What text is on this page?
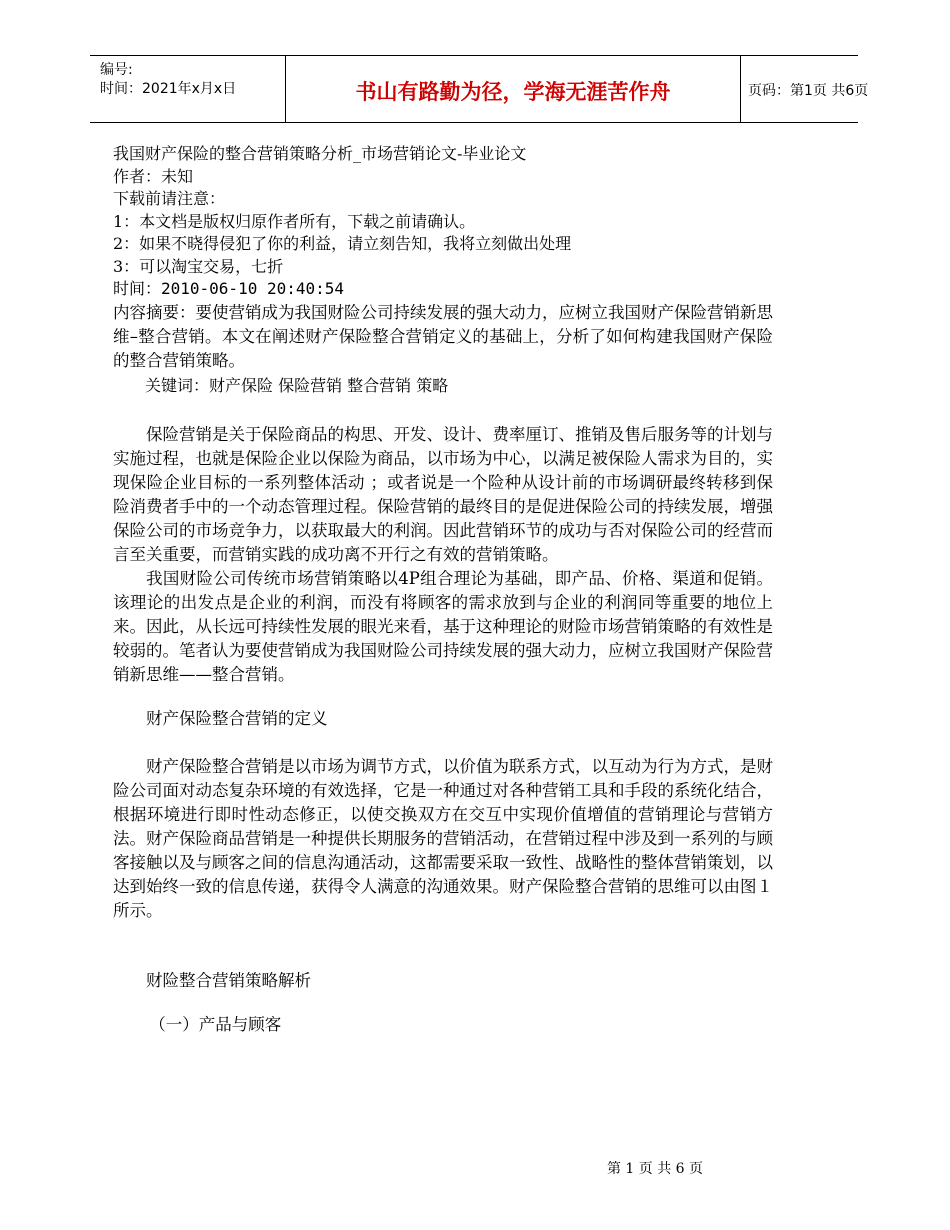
编号:
时间：2021年x月x日	书山有路勤为径，学海无涯苦作舟	页码：第1页 共6页
我国财产保险的整合营销策略分析_市场营销论文-毕业论文
作者：未知
下载前请注意：
1：本文档是版权归原作者所有，下载之前请确认。
2：如果不晓得侵犯了你的利益，请立刻告知，我将立刻做出处理
3：可以淘宝交易，七折
时间：2010-06-10 20:40:54

内容摘要：要使营销成为我国财险公司持续发展的强大动力，应树立我国财产保险营销新思维–整合营销。本文在阐述财产保险整合营销定义的基础上，分析了如何构建我国财产保险的整合营销策略。

关键词：财产保险 保险营销 整合营销 策略

保险营销是关于保险商品的构思、开发、设计、费率厘订、推销及售后服务等的计划与实施过程，也就是保险企业以保险为商品，以市场为中心，以满足被保险人需求为目的，实现保险企业目标的一系列整体活动 ；或者说是一个险种从设计前的市场调研最终转移到保险消费者手中的一个动态管理过程。保险营销的最终目的是促进保险公司的持续发展，增强保险公司的市场竞争力，以获取最大的利润。因此营销环节的成功与否对保险公司的经营而言至关重要，而营销实践的成功离不开行之有效的营销策略。

我国财险公司传统市场营销策略以4P组合理论为基础，即产品、价格、渠道和促销。该理论的出发点是企业的利润，而没有将顾客的需求放到与企业的利润同等重要的地位上来。因此，从长远可持续性发展的眼光来看，基于这种理论的财险市场营销策略的有效性是较弱的。笔者认为要使营销成为我国财险公司持续发展的强大动力，应树立我国财产保险营销新思维——整合营销。

财产保险整合营销的定义

财产保险整合营销是以市场为调节方式，以价值为联系方式，以互动为行为方式，是财险公司面对动态复杂环境的有效选择，它是一种通过对各种营销工具和手段的系统化结合，根据环境进行即时性动态修正，以使交换双方在交互中实现价值增值的营销理论与营销方法。财产保险商品营销是一种提供长期服务的营销活动，在营销过程中涉及到一系列的与顾客接触以及与顾客之间的信息沟通活动，这都需要采取一致性、战略性的整体营销策划，以达到始终一致的信息传递，获得令人满意的沟通效果。财产保险整合营销的思维可以由图１所示。

财险整合营销策略解析

（一）产品与顾客

第 1 页 共 6 页
